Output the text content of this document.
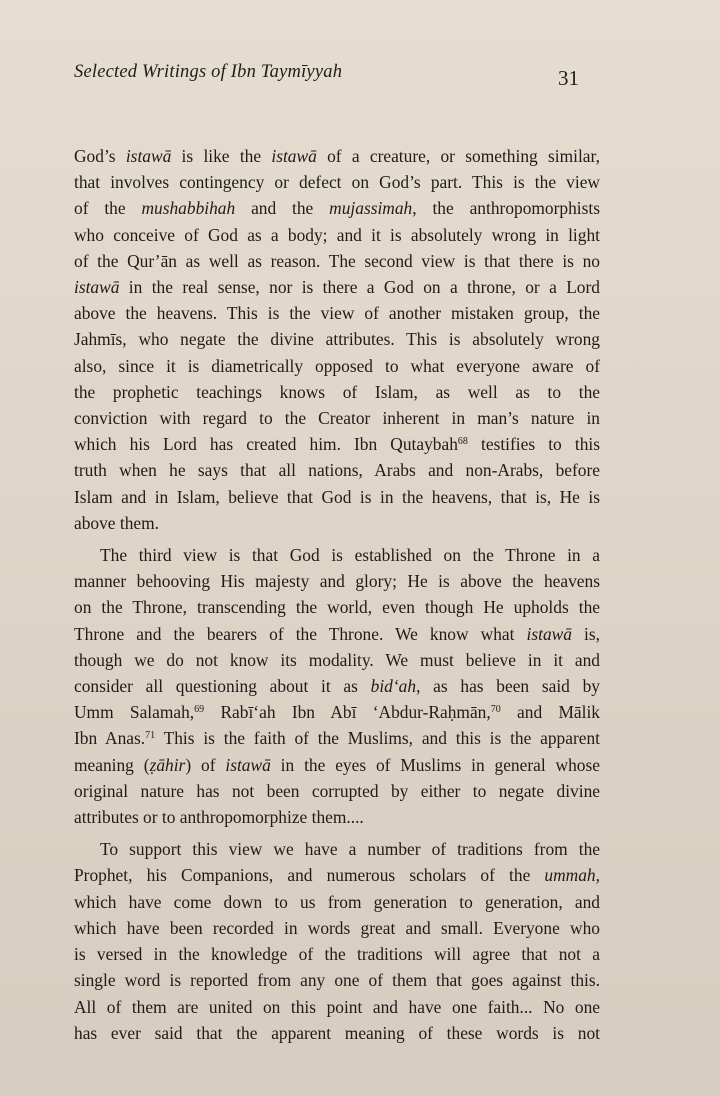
Selected Writings of Ibn Taymīyyah	31
God’s istawā is like the istawā of a creature, or something similar,
that involves contingency or defect on God’s part. This is the view
of the mushabbihah and the mujassimah, the anthropomorphists
who conceive of God as a body; and it is absolutely wrong in light
of the Qur’ān as well as reason. The second view is that there is no
istawā in the real sense, nor is there a God on a throne, or a Lord
above the heavens. This is the view of another mistaken group, the
Jahmīs, who negate the divine attributes. This is absolutely wrong
also, since it is diametrically opposed to what everyone aware of
the prophetic teachings knows of Islam, as well as to the
conviction with regard to the Creator inherent in man’s nature in
which his Lord has created him. Ibn Qutaybah$^{68}$ testifies to this
truth when he says that all nations, Arabs and non-Arabs, before
Islam and in Islam, believe that God is in the heavens, that is, He is
above them.
The third view is that God is established on the Throne in a
manner behooving His majesty and glory; He is above the heavens
on the Throne, transcending the world, even though He upholds the
Throne and the bearers of the Throne. We know what istawā is,
though we do not know its modality. We must believe in it and
consider all questioning about it as bid‘ah, as has been said by
Umm Salamah,$^{69}$ Rabī‘ah Ibn Abī ‘Abdur-Raḥmān,$^{70}$ and Mālik
Ibn Anas.$^{71}$ This is the faith of the Muslims, and this is the apparent
meaning (ẓāhir) of istawā in the eyes of Muslims in general whose
original nature has not been corrupted by either to negate divine
attributes or to anthropomorphize them....
To support this view we have a number of traditions from the
Prophet, his Companions, and numerous scholars of the ummah,
which have come down to us from generation to generation, and
which have been recorded in words great and small. Everyone who
is versed in the knowledge of the traditions will agree that not a
single word is reported from any one of them that goes against this.
All of them are united on this point and have one faith... No one
has ever said that the apparent meaning of these words is not
